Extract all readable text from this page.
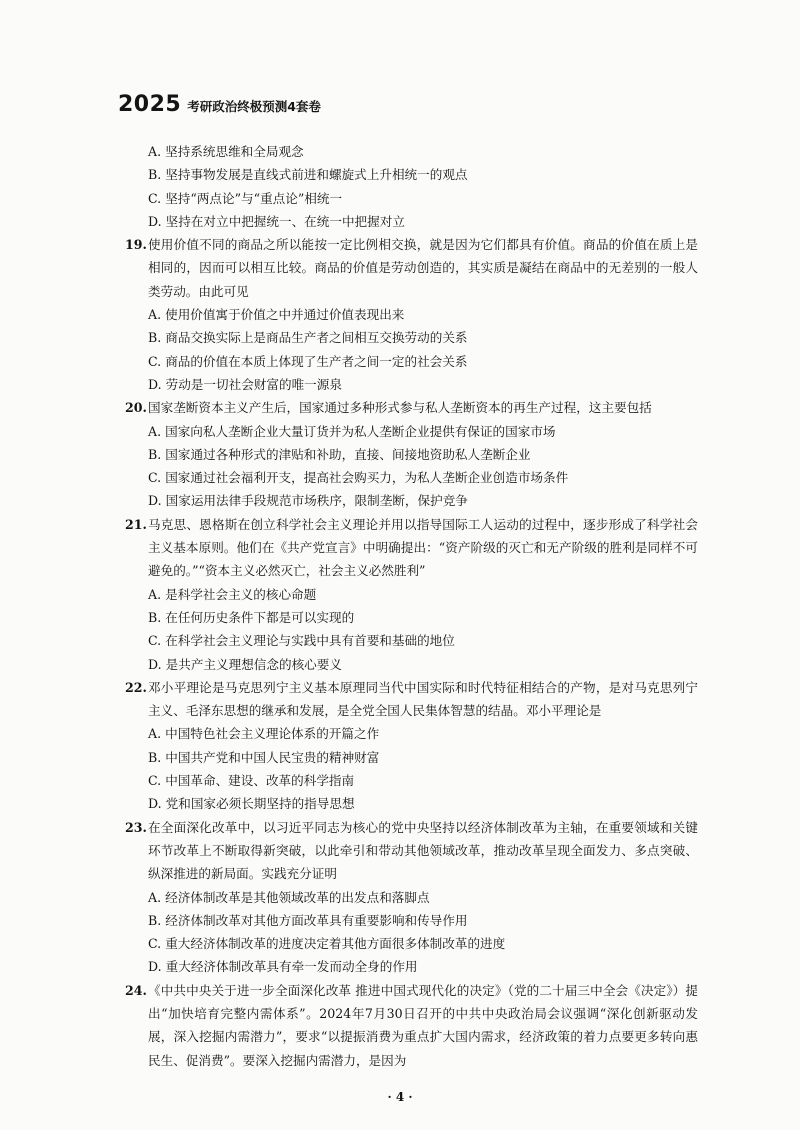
2025 考研政治终极预测4套卷
A. 坚持系统思维和全局观念
B. 坚持事物发展是直线式前进和螺旋式上升相统一的观点
C. 坚持“两点论”与“重点论”相统一
D. 坚持在对立中把握统一、在统一中把握对立
19. 使用价值不同的商品之所以能按一定比例相交换，就是因为它们都具有价值。商品的价值在质上是相同的，因而可以相互比较。商品的价值是劳动创造的，其实质是凝结在商品中的无差别的一般人类劳动。由此可见
A. 使用价值寓于价值之中并通过价值表现出来
B. 商品交换实际上是商品生产者之间相互交换劳动的关系
C. 商品的价值在本质上体现了生产者之间一定的社会关系
D. 劳动是一切社会财富的唯一源泉
20. 国家垄断资本主义产生后，国家通过多种形式参与私人垄断资本的再生产过程，这主要包括
A. 国家向私人垄断企业大量订货并为私人垄断企业提供有保证的国家市场
B. 国家通过各种形式的津贴和补助，直接、间接地资助私人垄断企业
C. 国家通过社会福利开支，提高社会购买力，为私人垄断企业创造市场条件
D. 国家运用法律手段规范市场秩序，限制垄断，保护竞争
21. 马克思、恩格斯在创立科学社会主义理论并用以指导国际工人运动的过程中，逐步形成了科学社会主义基本原则。他们在《共产党宣言》中明确提出：“资产阶级的灭亡和无产阶级的胜利是同样不可避免的。”“资本主义必然灭亡，社会主义必然胜利”
A. 是科学社会主义的核心命题
B. 在任何历史条件下都是可以实现的
C. 在科学社会主义理论与实践中具有首要和基础的地位
D. 是共产主义理想信念的核心要义
22. 邓小平理论是马克思列宁主义基本原理同当代中国实际和时代特征相结合的产物，是对马克思列宁主义、毛泽东思想的继承和发展，是全党全国人民集体智慧的结晶。邓小平理论是
A. 中国特色社会主义理论体系的开篇之作
B. 中国共产党和中国人民宝贵的精神财富
C. 中国革命、建设、改革的科学指南
D. 党和国家必须长期坚持的指导思想
23. 在全面深化改革中，以习近平同志为核心的党中央坚持以经济体制改革为主轴，在重要领域和关键环节改革上不断取得新突破，以此牵引和带动其他领域改革，推动改革呈现全面发力、多点突破、纵深推进的新局面。实践充分证明
A. 经济体制改革是其他领域改革的出发点和落脚点
B. 经济体制改革对其他方面改革具有重要影响和传导作用
C. 重大经济体制改革的进度决定着其他方面很多体制改革的进度
D. 重大经济体制改革具有牵一发而动全身的作用
24. 《中共中央关于进一步全面深化改革 推进中国式现代化的决定》（党的二十届三中全会《决定》）提出“加快培育完整内需体系”。2024年7月30日召开的中共中央政治局会议强调“深化创新驱动发展，深入挖掘内需潜力”，要求“以提振消费为重点扩大国内需求，经济政策的着力点要更多转向惠民生、促消费”。要深入挖掘内需潜力，是因为
· 4 ·
